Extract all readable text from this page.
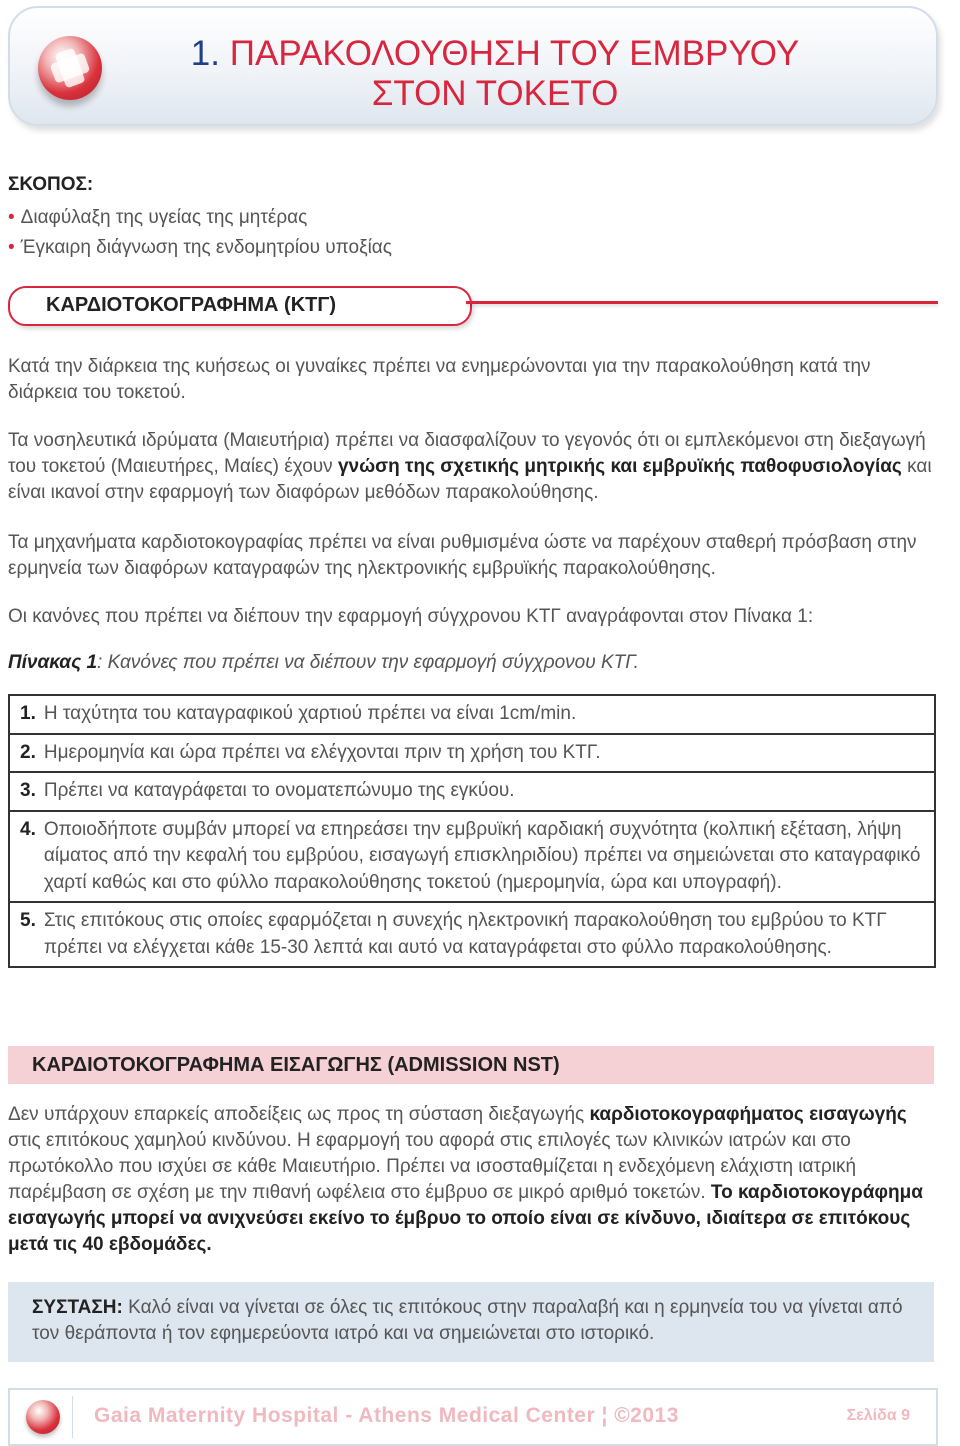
1. ΠΑΡΑΚΟΛΟΥΘΗΣΗ ΤΟΥ ΕΜΒΡΥΟΥ
ΣΤΟΝ ΤΟΚΕΤΟ
ΣΚΟΠΟΣ:
• Διαφύλαξη της υγείας της μητέρας
• Έγκαιρη διάγνωση της ενδομητρίου υποξίας
ΚΑΡΔΙΟΤΟΚΟΓΡΑΦΗΜΑ (ΚΤΓ)
Κατά την διάρκεια της κυήσεως οι γυναίκες πρέπει να ενημερώνονται για την παρακολούθηση κατά την διάρκεια του τοκετού.
Τα νοσηλευτικά ιδρύματα (Μαιευτήρια) πρέπει να διασφαλίζουν το γεγονός ότι οι εμπλεκόμενοι στη διεξαγωγή του τοκετού (Μαιευτήρες, Μαίες) έχουν γνώση της σχετικής μητρικής και εμβρυϊκής παθοφυσιολογίας και είναι ικανοί στην εφαρμογή των διαφόρων μεθόδων παρακολούθησης.
Τα μηχανήματα καρδιοτοκογραφίας πρέπει να είναι ρυθμισμένα ώστε να παρέχουν σταθερή πρόσβαση στην ερμηνεία των διαφόρων καταγραφών της ηλεκτρονικής εμβρυϊκής παρακολούθησης.
Οι κανόνες που πρέπει να διέπουν την εφαρμογή σύγχρονου ΚΤΓ αναγράφονται στον Πίνακα 1:
Πίνακας 1: Κανόνες που πρέπει να διέπουν την εφαρμογή σύγχρονου ΚΤΓ.
1. Η ταχύτητα του καταγραφικού χαρτιού πρέπει να είναι 1cm/min.

2. Ημερομηνία και ώρα πρέπει να ελέγχονται πριν τη χρήση του ΚΤΓ.

3. Πρέπει να καταγράφεται το ονοματεπώνυμο της εγκύου.

4. Οποιοδήποτε συμβάν μπορεί να επηρεάσει την εμβρυϊκή καρδιακή συχνότητα (κολπική εξέταση, λήψη αίματος από την κεφαλή του εμβρύου, εισαγωγή επισκληριδίου) πρέπει να σημειώνεται στο καταγραφικό χαρτί καθώς και στο φύλλο παρακολούθησης τοκετού (ημερομηνία, ώρα και υπογραφή).

5. Στις επιτόκους στις οποίες εφαρμόζεται η συνεχής ηλεκτρονική παρακολούθηση του εμβρύου το ΚΤΓ πρέπει να ελέγχεται κάθε 15-30 λεπτά και αυτό να καταγράφεται στο φύλλο παρακολούθησης.
ΚΑΡΔΙΟΤΟΚΟΓΡΑΦΗΜΑ ΕΙΣΑΓΩΓΗΣ (ADMISSION NST)
Δεν υπάρχουν επαρκείς αποδείξεις ως προς τη σύσταση διεξαγωγής καρδιοτοκογραφήματος εισαγωγής στις επιτόκους χαμηλού κινδύνου. Η εφαρμογή του αφορά στις επιλογές των κλινικών ιατρών και στο πρωτόκολλο που ισχύει σε κάθε Μαιευτήριο. Πρέπει να ισοσταθμίζεται η ενδεχόμενη ελάχιστη ιατρική παρέμβαση σε σχέση με την πιθανή ωφέλεια στο έμβρυο σε μικρό αριθμό τοκετών. Το καρδιοτοκογράφημα εισαγωγής μπορεί να ανιχνεύσει εκείνο το έμβρυο το οποίο είναι σε κίνδυνο, ιδιαίτερα σε επιτόκους μετά τις 40 εβδομάδες.

ΣΥΣΤΑΣΗ: Καλό είναι να γίνεται σε όλες τις επιτόκους στην παραλαβή και η ερμηνεία του να γίνεται από τον θεράποντα ή τον εφημερεύοντα ιατρό και να σημειώνεται στο ιστορικό.

Gaia Maternity Hospital - Athens Medical Center ¦ ©2013	Σελίδα 9
